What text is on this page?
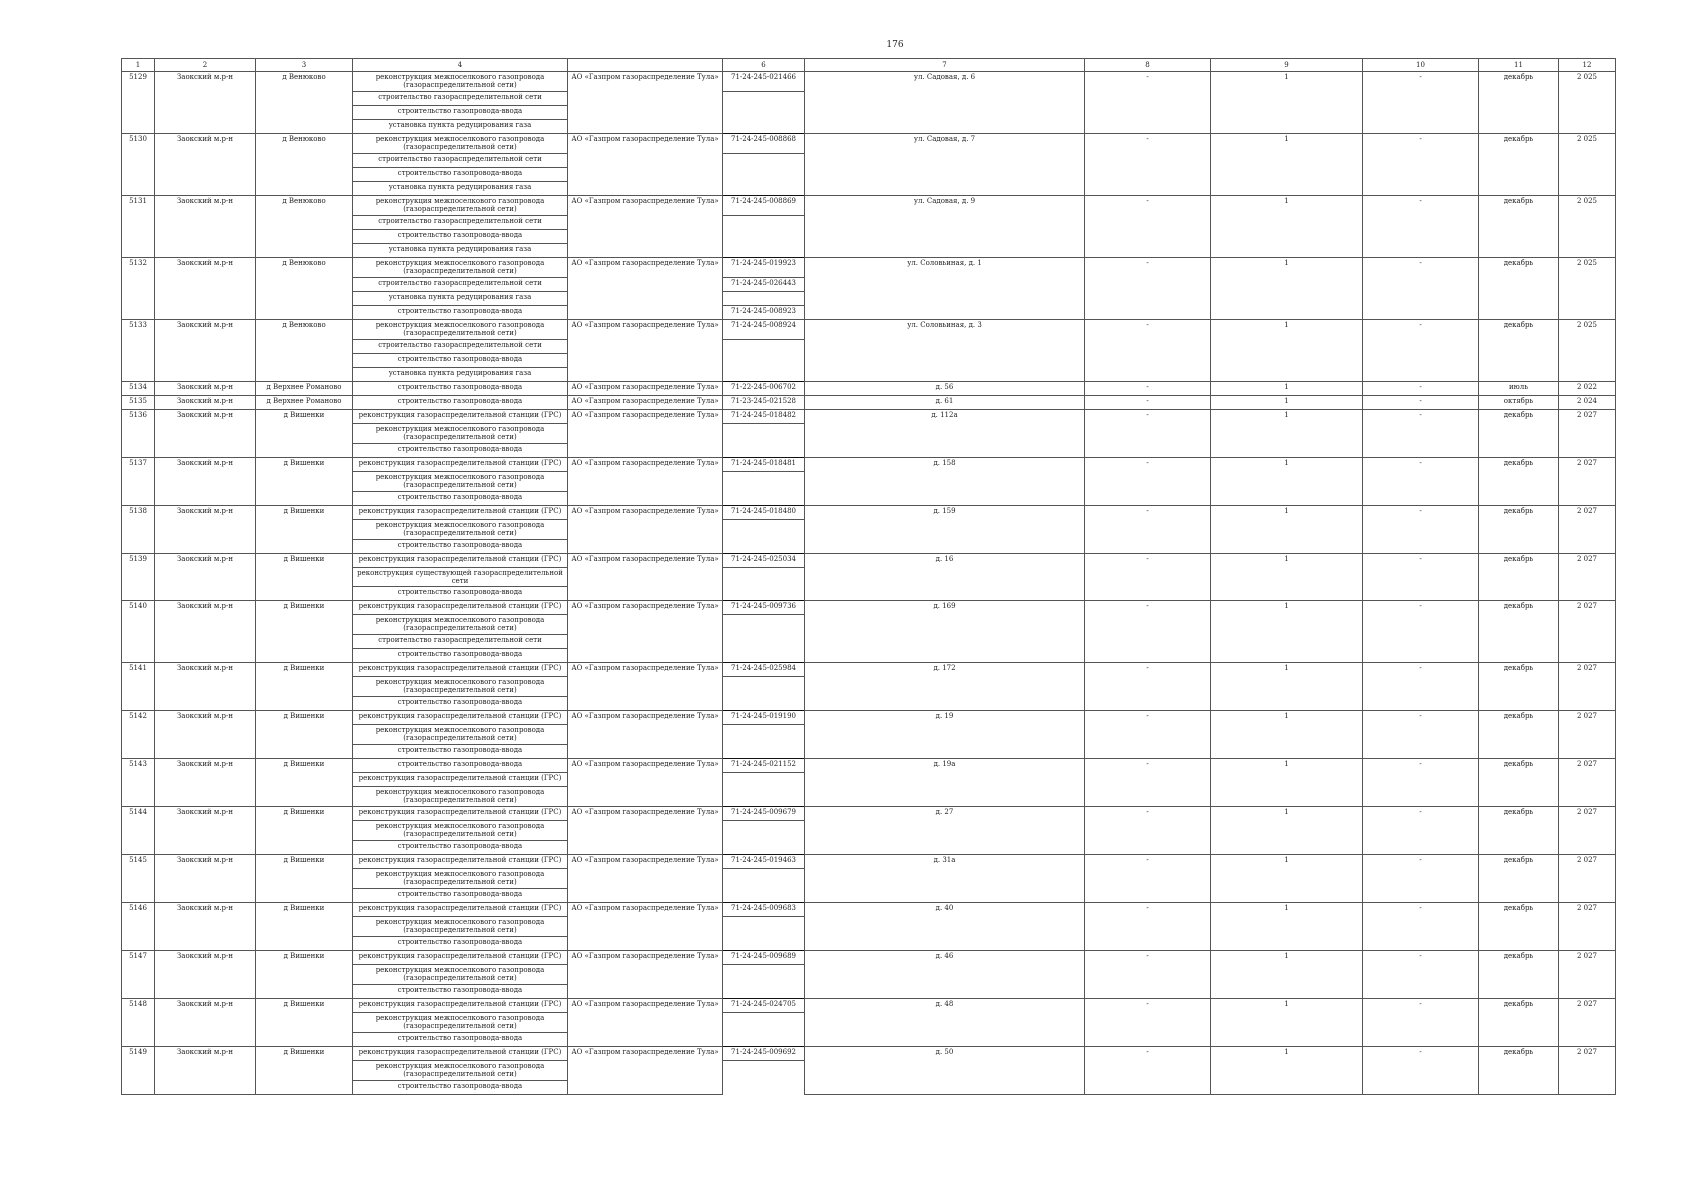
176
1	2	3	4		6	7	8	9	10	11	12
5129	Заокский м.р-н	д Венюково	реконструкция межпоселкового газопровода (газораспределительной сети)	АО «Газпром газораспределение Тула»	71-24-245-021466	ул. Садовая, д. 6	-	1	-	декабрь	2 025
			строительство газораспределительной сети								
			строительство газопровода-ввода								
			установка пункта редуцирования газа								
5130	Заокский м.р-н	д Венюково	реконструкция межпоселкового газопровода (газораспределительной сети)	АО «Газпром газораспределение Тула»	71-24-245-008868	ул. Садовая, д. 7	-	1	-	декабрь	2 025
			строительство газораспределительной сети								
			строительство газопровода-ввода								
			установка пункта редуцирования газа								
5131	Заокский м.р-н	д Венюково	реконструкция межпоселкового газопровода (газораспределительной сети)	АО «Газпром газораспределение Тула»	71-24-245-008869	ул. Садовая, д. 9	-	1	-	декабрь	2 025
			строительство газораспределительной сети								
			строительство газопровода-ввода								
			установка пункта редуцирования газа								
5132	Заокский м.р-н	д Венюково	реконструкция межпоселкового газопровода (газораспределительной сети)	АО «Газпром газораспределение Тула»	71-24-245-019923	ул. Соловьиная, д. 1	-	1	-	декабрь	2 025
			строительство газораспределительной сети		71-24-245-026443						
			установка пункта редуцирования газа								
			строительство газопровода-ввода		71-24-245-008923						
5133	Заокский м.р-н	д Венюково	реконструкция межпоселкового газопровода (газораспределительной сети)	АО «Газпром газораспределение Тула»	71-24-245-008924	ул. Соловьиная, д. 3	-	1	-	декабрь	2 025
			строительство газораспределительной сети								
			строительство газопровода-ввода								
			установка пункта редуцирования газа								
5134	Заокский м.р-н	д Верхнее Романово	строительство газопровода-ввода	АО «Газпром газораспределение Тула»	71-22-245-006702	д. 56	-	1	-	июль	2 022
5135	Заокский м.р-н	д Верхнее Романово	строительство газопровода-ввода	АО «Газпром газораспределение Тула»	71-23-245-021528	д. 61	-	1	-	октябрь	2 024
5136	Заокский м.р-н	д Вишенки	реконструкция газораспределительной станции (ГРС)	АО «Газпром газораспределение Тула»	71-24-245-018482	д. 112а	-	1	-	декабрь	2 027
			реконструкция межпоселкового газопровода (газораспределительной сети)								
			строительство газопровода-ввода								
5137	Заокский м.р-н	д Вишенки	реконструкция газораспределительной станции (ГРС)	АО «Газпром газораспределение Тула»	71-24-245-018481	д. 158	-	1	-	декабрь	2 027
			реконструкция межпоселкового газопровода (газораспределительной сети)								
			строительство газопровода-ввода								
5138	Заокский м.р-н	д Вишенки	реконструкция газораспределительной станции (ГРС)	АО «Газпром газораспределение Тула»	71-24-245-018480	д. 159	-	1	-	декабрь	2 027
			реконструкция межпоселкового газопровода (газораспределительной сети)								
			строительство газопровода-ввода								
5139	Заокский м.р-н	д Вишенки	реконструкция газораспределительной станции (ГРС)	АО «Газпром газораспределение Тула»	71-24-245-025034	д. 16	-	1	-	декабрь	2 027
			реконструкция существующей газораспределительной сети								
			строительство газопровода-ввода								
5140	Заокский м.р-н	д Вишенки	реконструкция газораспределительной станции (ГРС)	АО «Газпром газораспределение Тула»	71-24-245-009736	д. 169	-	1	-	декабрь	2 027
			реконструкция межпоселкового газопровода (газораспределительной сети)								
			строительство газораспределительной сети								
			строительство газопровода-ввода								
5141	Заокский м.р-н	д Вишенки	реконструкция газораспределительной станции (ГРС)	АО «Газпром газораспределение Тула»	71-24-245-025984	д. 172	-	1	-	декабрь	2 027
			реконструкция межпоселкового газопровода (газораспределительной сети)								
			строительство газопровода-ввода								
5142	Заокский м.р-н	д Вишенки	реконструкция газораспределительной станции (ГРС)	АО «Газпром газораспределение Тула»	71-24-245-019190	д. 19	-	1	-	декабрь	2 027
			реконструкция межпоселкового газопровода (газораспределительной сети)								
			строительство газопровода-ввода								
5143	Заокский м.р-н	д Вишенки	строительство газопровода-ввода	АО «Газпром газораспределение Тула»	71-24-245-021152	д. 19а	-	1	-	декабрь	2 027
			реконструкция газораспределительной станции (ГРС)								
			реконструкция межпоселкового газопровода (газораспределительной сети)								
5144	Заокский м.р-н	д Вишенки	реконструкция газораспределительной станции (ГРС)	АО «Газпром газораспределение Тула»	71-24-245-009679	д. 27	-	1	-	декабрь	2 027
			реконструкция межпоселкового газопровода (газораспределительной сети)								
			строительство газопровода-ввода								
5145	Заокский м.р-н	д Вишенки	реконструкция газораспределительной станции (ГРС)	АО «Газпром газораспределение Тула»	71-24-245-019463	д. 31а	-	1	-	декабрь	2 027
			реконструкция межпоселкового газопровода (газораспределительной сети)								
			строительство газопровода-ввода								
5146	Заокский м.р-н	д Вишенки	реконструкция газораспределительной станции (ГРС)	АО «Газпром газораспределение Тула»	71-24-245-009683	д. 40	-	1	-	декабрь	2 027
			реконструкция межпоселкового газопровода (газораспределительной сети)								
			строительство газопровода-ввода								
5147	Заокский м.р-н	д Вишенки	реконструкция газораспределительной станции (ГРС)	АО «Газпром газораспределение Тула»	71-24-245-009689	д. 46	-	1	-	декабрь	2 027
			реконструкция межпоселкового газопровода (газораспределительной сети)								
			строительство газопровода-ввода								
5148	Заокский м.р-н	д Вишенки	реконструкция газораспределительной станции (ГРС)	АО «Газпром газораспределение Тула»	71-24-245-024705	д. 48	-	1	-	декабрь	2 027
			реконструкция межпоселкового газопровода (газораспределительной сети)								
			строительство газопровода-ввода								
5149	Заокский м.р-н	д Вишенки	реконструкция газораспределительной станции (ГРС)	АО «Газпром газораспределение Тула»	71-24-245-009692	д. 50	-	1	-	декабрь	2 027
			реконструкция межпоселкового газопровода (газораспределительной сети)								
			строительство газопровода-ввода								
